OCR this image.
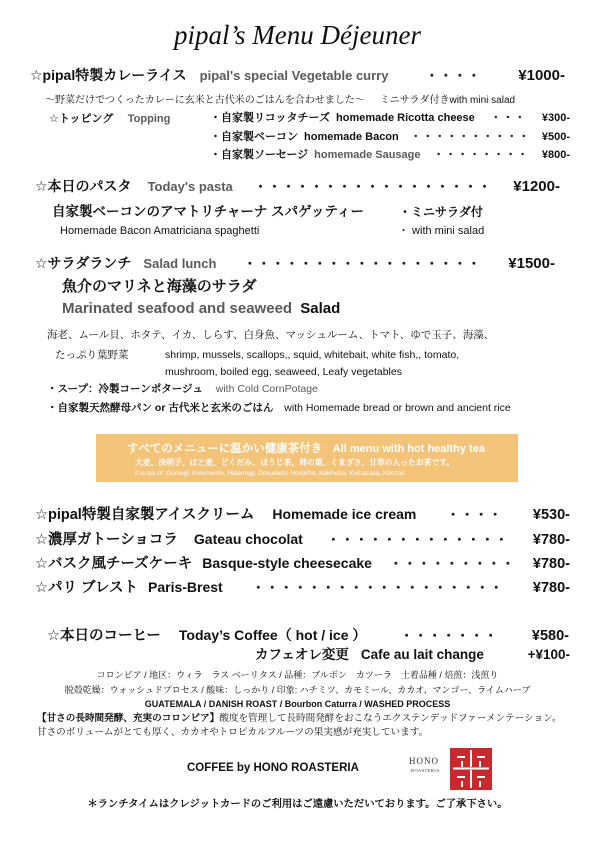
pipal’s Menu Déjeuner
☆pipal特製カレーライス pipal's special Vegetable curry	・・・・	¥1000-
〜野菜だけでつくったカレーに玄米と古代米のごはんを合わせました〜 ミニサラダ付きwith mini salad
☆トッピング Topping	・自家製リコッタチーズ homemade Ricotta cheese	・・・	¥300-
・自家製ベーコン homemade Bacon	・・・・・・・・・・	¥500-
・自家製ソーセージ homemade Sausage	・・・・・・・・	¥800-
☆本日のパスタ Today's pasta	・・・・・・・・・・・・・・・・・	¥1200-
自家製ベーコンのアマトリチャーナ スパゲッティー	・ミニサラダ付
Homemade Bacon Amatriciana spaghetti	・ with mini salad
☆サラダランチ Salad lunch	・・・・・・・・・・・・・・・・・	¥1500-
魚介のマリネと海藻のサラダ
Marinated seafood and seaweed Salad
海老、ムール貝、ホタテ、イカ、しらす、白身魚、マッシュルーム、トマト、ゆで玉子、海藻、
たっぷり葉野菜	shrimp, mussels, scallops,, squid, whitebait, white fish,, tomato,
mushroom, boiled egg, seaweed, Leafy vegetables
・スープ：冷製コーンポタージュ with Cold CornPotage
・自家製天然酵母パン or 古代米と玄米のごはん with Homemade bread or brown and ancient rice
すべてのメニューに温かい健康茶付き All menu with hot healthy tea
大麦、決明子、はと麦、どくだみ、ほうじ茶、柿の葉、くまざさ、甘草の入ったお茶です。
It is tea of :Oomugi, Ketumeishi, Hatomugi, Dokudami, Houjicha, Kakinoha, Kumazasa, Kanzou.
☆pipal特製自家製アイスクリーム Homemade ice cream	・・・・	¥530-
☆濃厚ガトーショコラ Gateau chocolat	・・・・・・・・・・・・・	¥780-
☆バスク風チーズケーキ Basque-style cheesecake	・・・・・・・・・	¥780-
☆パリ ブレスト Paris-Brest	・・・・・・・・・・・・・・・・・・	¥780-
☆本日のコーヒー Today’s Coffee（ hot / ice ）	・・・・・・・	¥580-
カフェオレ変更 Cafe au lait change	+¥100-
コロンビア / 地区：ウィラ　ラス ベーリタス / 品種：ブルボン　カツーラ　土着品種 / 焙煎：浅煎り
脱殻乾燥：ウォッシュドプロセス / 酸味：しっかり / 印象: ハチミツ、カモミール、カカオ、マンゴー、ライムハーブ
GUATEMALA / DANISH ROAST / Bourbon Caturra / WASHED PROCESS
【甘さの長時間発酵、充実のコロンビア】酸度を管理して長時間発酵をおこなうエクステンデッドファーメンテーション。甘さのボリュームがとても厚く、カカオやトロピカルフルーツの果実感が充実しています。
COFFEE by HONO ROASTERIA
HONO
ROASTERIA
＊ランチタイムはクレジットカードのご利用はご遠慮いただいております。ご了承下さい。
